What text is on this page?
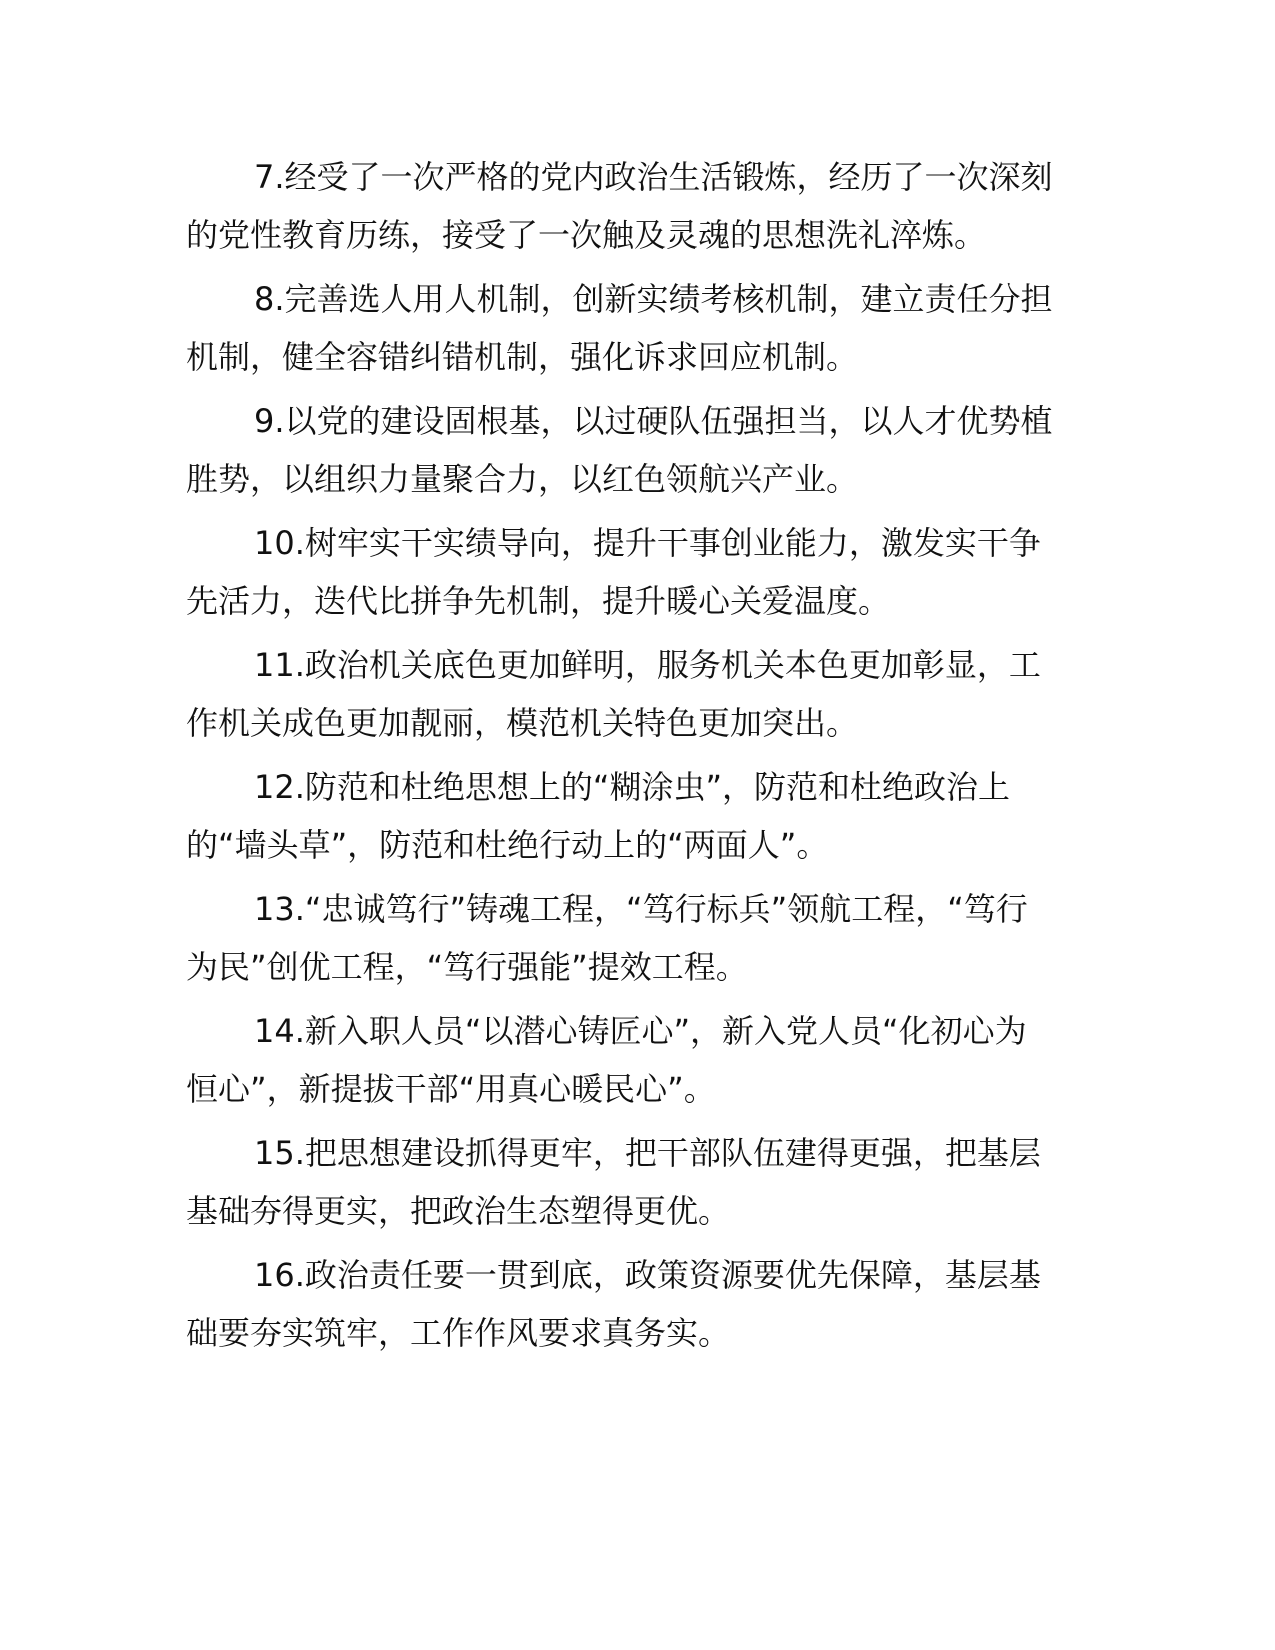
7.经受了一次严格的党内政治生活锻炼，经历了一次深刻
的党性教育历练，接受了一次触及灵魂的思想洗礼淬炼。

8.完善选人用人机制，创新实绩考核机制，建立责任分担
机制，健全容错纠错机制，强化诉求回应机制。

9.以党的建设固根基，以过硬队伍强担当，以人才优势植
胜势，以组织力量聚合力，以红色领航兴产业。

10.树牢实干实绩导向，提升干事创业能力，激发实干争
先活力，迭代比拼争先机制，提升暖心关爱温度。

11.政治机关底色更加鲜明，服务机关本色更加彰显，工
作机关成色更加靓丽，模范机关特色更加突出。

12.防范和杜绝思想上的“糊涂虫”，防范和杜绝政治上
的“墙头草”，防范和杜绝行动上的“两面人”。

13.“忠诚笃行”铸魂工程，“笃行标兵”领航工程，“笃行
为民”创优工程，“笃行强能”提效工程。

14.新入职人员“以潜心铸匠心”，新入党人员“化初心为
恒心”，新提拔干部“用真心暖民心”。

15.把思想建设抓得更牢，把干部队伍建得更强，把基层
基础夯得更实，把政治生态塑得更优。

16.政治责任要一贯到底，政策资源要优先保障，基层基
础要夯实筑牢，工作作风要求真务实。
